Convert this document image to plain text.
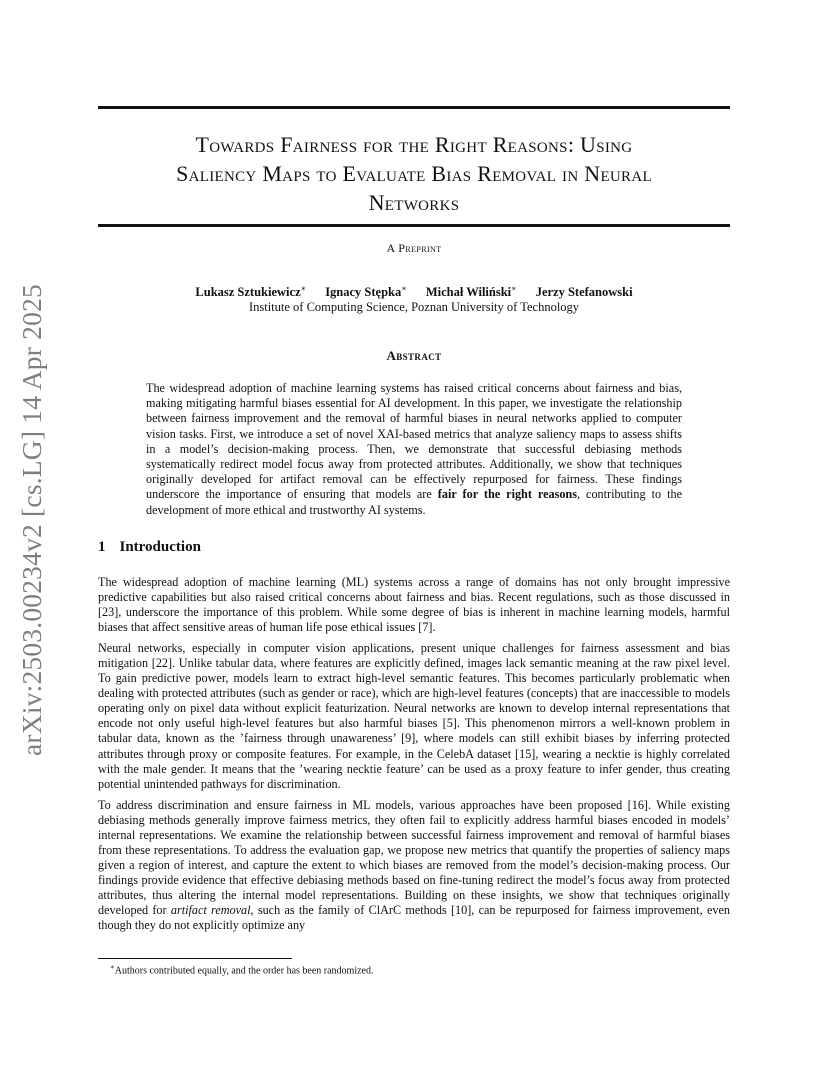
arXiv:2503.00234v2 [cs.LG] 14 Apr 2025
Towards Fairness for the Right Reasons: Using
Saliency Maps to Evaluate Bias Removal in Neural
Networks
A Preprint
Lukasz Sztukiewicz∗ Ignacy Stępka∗ Michał Wiliński∗ Jerzy Stefanowski
Institute of Computing Science, Poznan University of Technology
Abstract

The widespread adoption of machine learning systems has raised critical concerns about fairness and bias, making mitigating harmful biases essential for AI development. In this paper, we investigate the relationship between fairness improvement and the removal of harmful biases in neural networks applied to computer vision tasks. First, we introduce a set of novel XAI-based metrics that analyze saliency maps to assess shifts in a model’s decision-making process. Then, we demonstrate that successful debiasing methods systematically redirect model focus away from protected attributes. Additionally, we show that techniques originally developed for artifact removal can be effectively repurposed for fairness. These findings underscore the importance of ensuring that models are fair for the right reasons, contributing to the development of more ethical and trustworthy AI systems.

1 Introduction

The widespread adoption of machine learning (ML) systems across a range of domains has not only brought impressive predictive capabilities but also raised critical concerns about fairness and bias. Recent regulations, such as those discussed in [23], underscore the importance of this problem. While some degree of bias is inherent in machine learning models, harmful biases that affect sensitive areas of human life pose ethical issues [7].

Neural networks, especially in computer vision applications, present unique challenges for fairness assessment and bias mitigation [22]. Unlike tabular data, where features are explicitly defined, images lack semantic meaning at the raw pixel level. To gain predictive power, models learn to extract high-level semantic features. This becomes particularly problematic when dealing with protected attributes (such as gender or race), which are high-level features (concepts) that are inaccessible to models operating only on pixel data without explicit featurization. Neural networks are known to develop internal representations that encode not only useful high-level features but also harmful biases [5]. This phenomenon mirrors a well-known problem in tabular data, known as the ’fairness through unawareness’ [9], where models can still exhibit biases by inferring protected attributes through proxy or composite features. For example, in the CelebA dataset [15], wearing a necktie is highly correlated with the male gender. It means that the ’wearing necktie feature’ can be used as a proxy feature to infer gender, thus creating potential unintended pathways for discrimination.

To address discrimination and ensure fairness in ML models, various approaches have been proposed [16]. While existing debiasing methods generally improve fairness metrics, they often fail to explicitly address harmful biases encoded in models’ internal representations. We examine the relationship between successful fairness improvement and removal of harmful biases from these representations. To address the evaluation gap, we propose new metrics that quantify the properties of saliency maps given a region of interest, and capture the extent to which biases are removed from the model’s decision-making process. Our findings provide evidence that effective debiasing methods based on fine-tuning redirect the model’s focus away from protected attributes, thus altering the internal model representations. Building on these insights, we show that techniques originally developed for artifact removal, such as the family of ClArC methods [10], can be repurposed for fairness improvement, even though they do not explicitly optimize any

∗Authors contributed equally, and the order has been randomized.
